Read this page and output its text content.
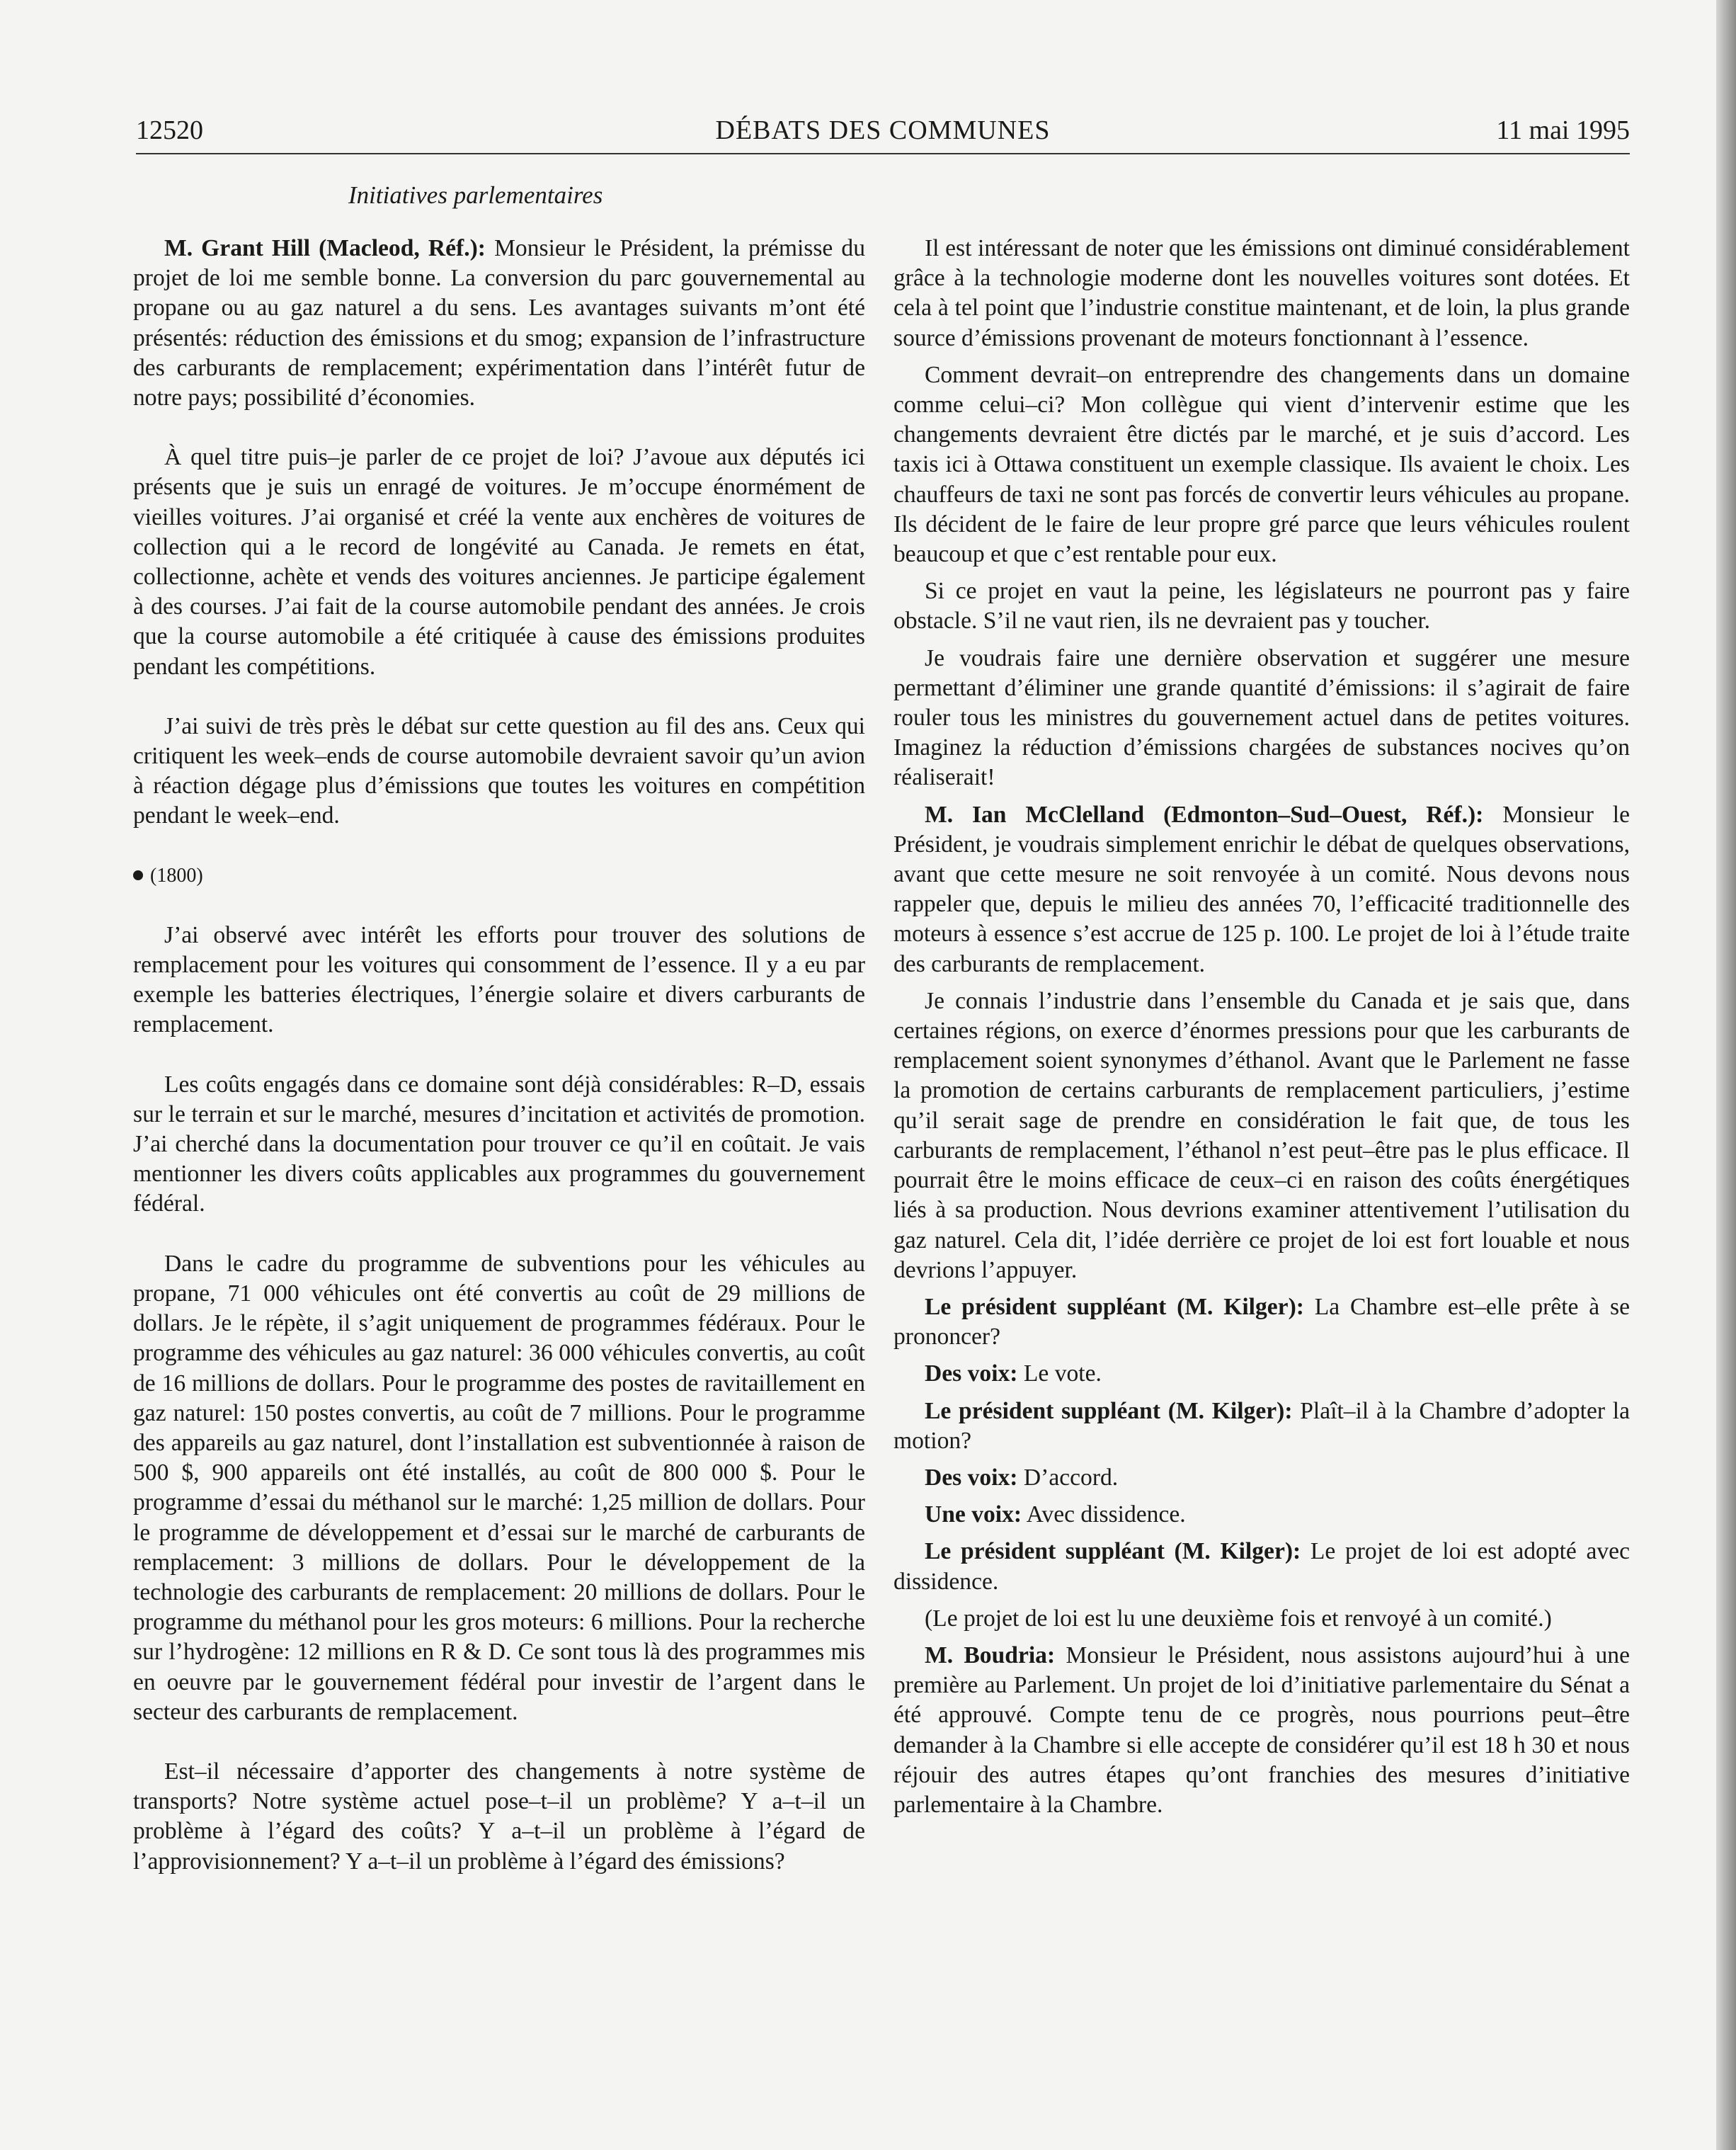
12520	DÉBATS DES COMMUNES	11 mai 1995
Initiatives parlementaires

M. Grant Hill (Macleod, Réf.): Monsieur le Président, la prémisse du projet de loi me semble bonne. La conversion du parc gouvernemental au propane ou au gaz naturel a du sens. Les avantages suivants m’ont été présentés: réduction des émissions et du smog; expansion de l’infrastructure des carburants de remplacement; expérimentation dans l’intérêt futur de notre pays; possibilité d’économies.

À quel titre puis–je parler de ce projet de loi? J’avoue aux députés ici présents que je suis un enragé de voitures. Je m’occupe énormément de vieilles voitures. J’ai organisé et créé la vente aux enchères de voitures de collection qui a le record de longévité au Canada. Je remets en état, collectionne, achète et vends des voitures anciennes. Je participe également à des courses. J’ai fait de la course automobile pendant des années. Je crois que la course automobile a été critiquée à cause des émissions produites pendant les compétitions.

J’ai suivi de très près le débat sur cette question au fil des ans. Ceux qui critiquent les week–ends de course automobile devraient savoir qu’un avion à réaction dégage plus d’émissions que toutes les voitures en compétition pendant le week–end.

(1800)

J’ai observé avec intérêt les efforts pour trouver des solutions de remplacement pour les voitures qui consomment de l’essence. Il y a eu par exemple les batteries électriques, l’énergie solaire et divers carburants de remplacement.

Les coûts engagés dans ce domaine sont déjà considérables: R–D, essais sur le terrain et sur le marché, mesures d’incitation et activités de promotion. J’ai cherché dans la documentation pour trouver ce qu’il en coûtait. Je vais mentionner les divers coûts applicables aux programmes du gouvernement fédéral.

Dans le cadre du programme de subventions pour les véhicules au propane, 71 000 véhicules ont été convertis au coût de 29 millions de dollars. Je le répète, il s’agit uniquement de programmes fédéraux. Pour le programme des véhicules au gaz naturel: 36 000 véhicules convertis, au coût de 16 millions de dollars. Pour le programme des postes de ravitaillement en gaz naturel: 150 postes convertis, au coût de 7 millions. Pour le programme des appareils au gaz naturel, dont l’installation est subventionnée à raison de 500 $, 900 appareils ont été installés, au coût de 800 000 $. Pour le programme d’essai du méthanol sur le marché: 1,25 million de dollars. Pour le programme de développement et d’essai sur le marché de carburants de remplacement: 3 millions de dollars. Pour le développement de la technologie des carburants de remplacement: 20 millions de dollars. Pour le programme du méthanol pour les gros moteurs: 6 millions. Pour la recherche sur l’hydrogène: 12 millions en R & D. Ce sont tous là des programmes mis en oeuvre par le gouvernement fédéral pour investir de l’argent dans le secteur des carburants de remplacement.

Est–il nécessaire d’apporter des changements à notre système de transports? Notre système actuel pose–t–il un problème? Y a–t–il un problème à l’égard des coûts? Y a–t–il un problème à l’égard de l’approvisionnement? Y a–t–il un problème à l’égard des émissions?

Il est intéressant de noter que les émissions ont diminué considérablement grâce à la technologie moderne dont les nouvelles voitures sont dotées. Et cela à tel point que l’industrie constitue maintenant, et de loin, la plus grande source d’émissions provenant de moteurs fonctionnant à l’essence.

Comment devrait–on entreprendre des changements dans un domaine comme celui–ci? Mon collègue qui vient d’intervenir estime que les changements devraient être dictés par le marché, et je suis d’accord. Les taxis ici à Ottawa constituent un exemple classique. Ils avaient le choix. Les chauffeurs de taxi ne sont pas forcés de convertir leurs véhicules au propane. Ils décident de le faire de leur propre gré parce que leurs véhicules roulent beaucoup et que c’est rentable pour eux.

Si ce projet en vaut la peine, les législateurs ne pourront pas y faire obstacle. S’il ne vaut rien, ils ne devraient pas y toucher.

Je voudrais faire une dernière observation et suggérer une mesure permettant d’éliminer une grande quantité d’émissions: il s’agirait de faire rouler tous les ministres du gouvernement actuel dans de petites voitures. Imaginez la réduction d’émissions chargées de substances nocives qu’on réaliserait!

M. Ian McClelland (Edmonton–Sud–Ouest, Réf.): Monsieur le Président, je voudrais simplement enrichir le débat de quelques observations, avant que cette mesure ne soit renvoyée à un comité. Nous devons nous rappeler que, depuis le milieu des années 70, l’efficacité traditionnelle des moteurs à essence s’est accrue de 125 p. 100. Le projet de loi à l’étude traite des carburants de remplacement.

Je connais l’industrie dans l’ensemble du Canada et je sais que, dans certaines régions, on exerce d’énormes pressions pour que les carburants de remplacement soient synonymes d’éthanol. Avant que le Parlement ne fasse la promotion de certains carburants de remplacement particuliers, j’estime qu’il serait sage de prendre en considération le fait que, de tous les carburants de remplacement, l’éthanol n’est peut–être pas le plus efficace. Il pourrait être le moins efficace de ceux–ci en raison des coûts énergétiques liés à sa production. Nous devrions examiner attentivement l’utilisation du gaz naturel. Cela dit, l’idée derrière ce projet de loi est fort louable et nous devrions l’appuyer.

Le président suppléant (M. Kilger): La Chambre est–elle prête à se prononcer?

Des voix: Le vote.

Le président suppléant (M. Kilger): Plaît–il à la Chambre d’adopter la motion?

Des voix: D’accord.

Une voix: Avec dissidence.

Le président suppléant (M. Kilger): Le projet de loi est adopté avec dissidence.

(Le projet de loi est lu une deuxième fois et renvoyé à un comité.)

M. Boudria: Monsieur le Président, nous assistons aujourd’hui à une première au Parlement. Un projet de loi d’initiative parlementaire du Sénat a été approuvé. Compte tenu de ce progrès, nous pourrions peut–être demander à la Chambre si elle accepte de considérer qu’il est 18 h 30 et nous réjouir des autres étapes qu’ont franchies des mesures d’initiative parlementaire à la Chambre.
